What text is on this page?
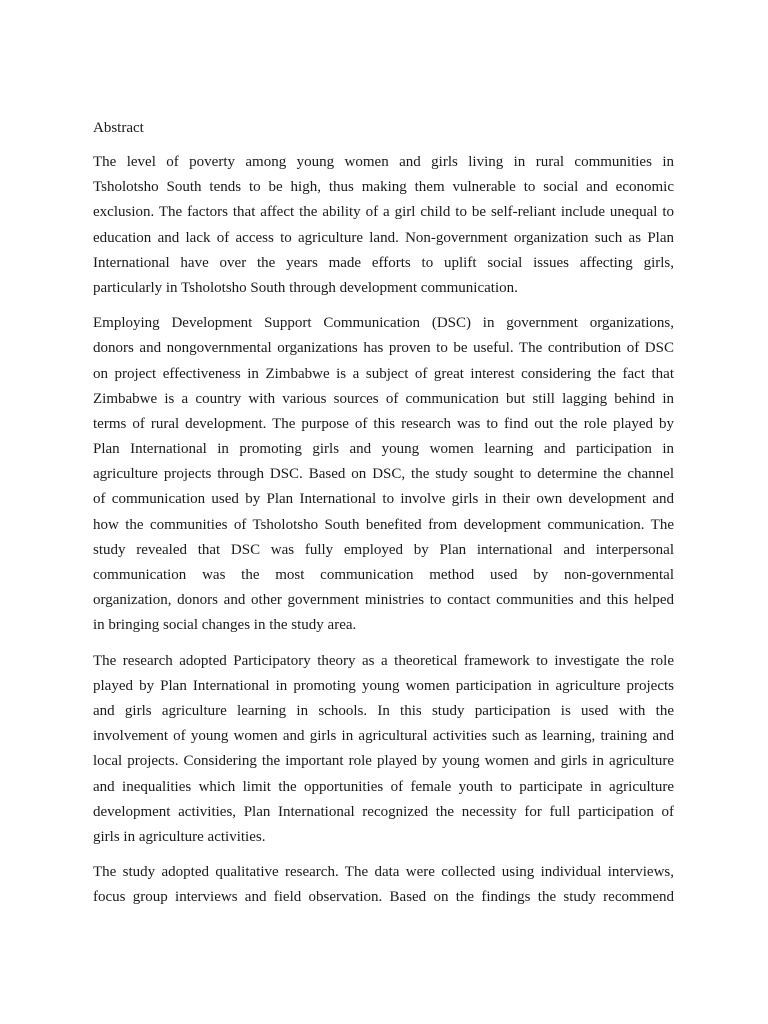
Abstract
The level of poverty among young women and girls living in rural communities in
Tsholotsho South tends to be high, thus making them vulnerable to social and economic
exclusion. The factors that affect the ability of a girl child to be self-reliant include unequal to
education and lack of access to agriculture land. Non-government organization such as Plan
International have over the years made efforts to uplift social issues affecting girls,
particularly in Tsholotsho South through development communication.
Employing Development Support Communication (DSC) in government organizations,
donors and nongovernmental organizations has proven to be useful. The contribution of DSC
on project effectiveness in Zimbabwe is a subject of great interest considering the fact that
Zimbabwe is a country with various sources of communication but still lagging behind in
terms of rural development. The purpose of this research was to find out the role played by
Plan International in promoting girls and young women learning and participation in
agriculture projects through DSC. Based on DSC, the study sought to determine the channel
of communication used by Plan International to involve girls in their own development and
how the communities of Tsholotsho South benefited from development communication. The
study revealed that DSC was fully employed by Plan international and interpersonal
communication was the most communication method used by non-governmental
organization, donors and other government ministries to contact communities and this helped
in bringing social changes in the study area.
The research adopted Participatory theory as a theoretical framework to investigate the role
played by Plan International in promoting young women participation in agriculture projects
and girls agriculture learning in schools. In this study participation is used with the
involvement of young women and girls in agricultural activities such as learning, training and
local projects. Considering the important role played by young women and girls in agriculture
and inequalities which limit the opportunities of female youth to participate in agriculture
development activities, Plan International recognized the necessity for full participation of
girls in agriculture activities.
The study adopted qualitative research. The data were collected using individual interviews,
focus group interviews and field observation. Based on the findings the study recommend
